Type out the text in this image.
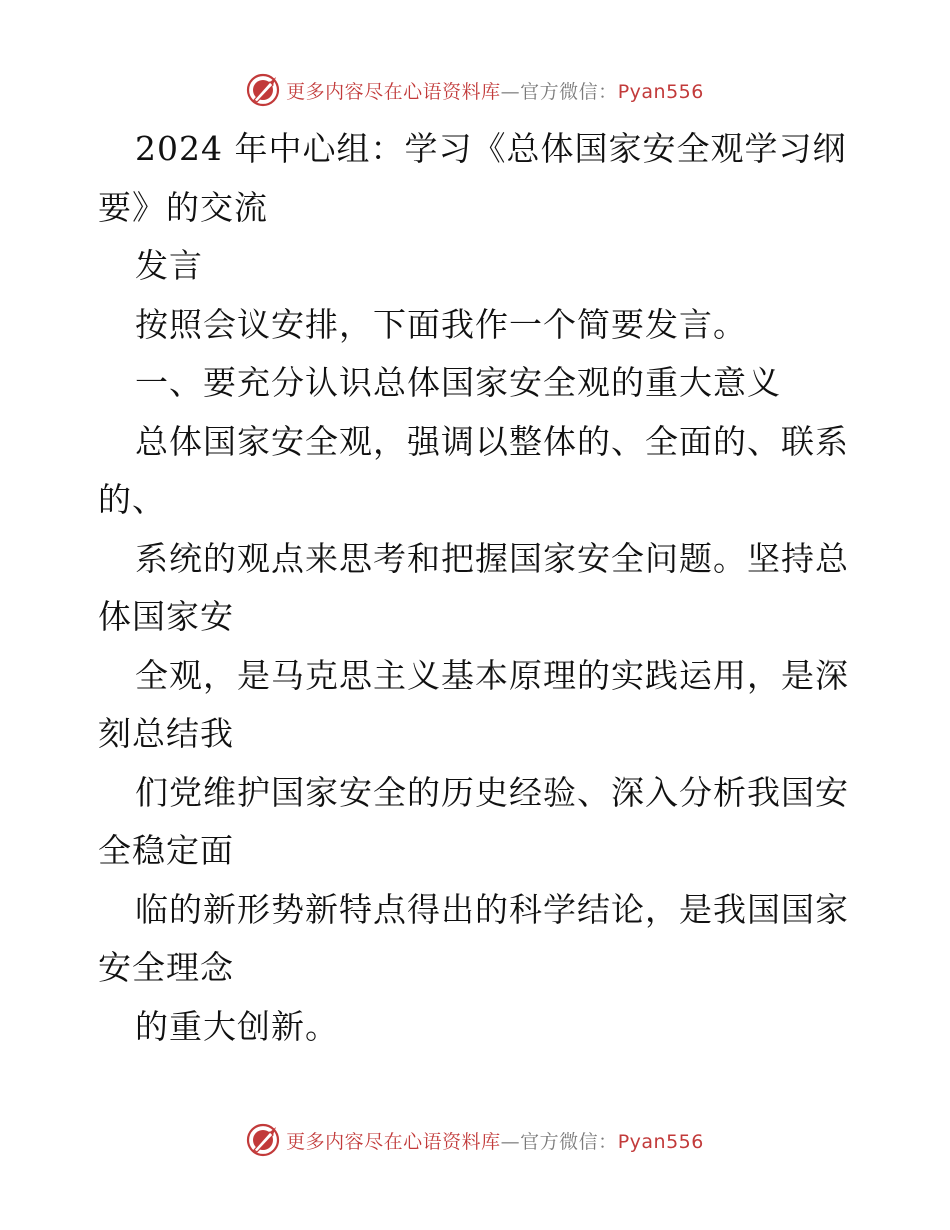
更多内容尽在心语资料库—官方微信：Pyan556
2024 年中心组：学习《总体国家安全观学习纲
要》的交流
发言
按照会议安排，下面我作一个简要发言。
一、要充分认识总体国家安全观的重大意义
总体国家安全观，强调以整体的、全面的、联系
的、
系统的观点来思考和把握国家安全问题。坚持总
体国家安
全观，是马克思主义基本原理的实践运用，是深
刻总结我
们党维护国家安全的历史经验、深入分析我国安
全稳定面
临的新形势新特点得出的科学结论，是我国国家
安全理念
的重大创新。
更多内容尽在心语资料库—官方微信：Pyan556
